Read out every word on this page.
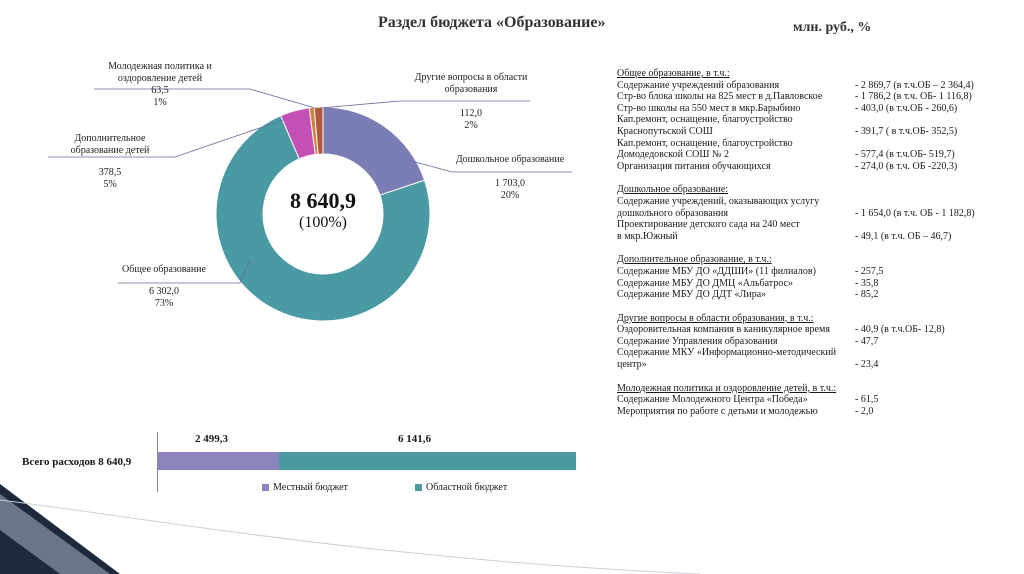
Раздел бюджета «Образование»	млн. руб., %
8 640,9
(100%)
Молодежная политика и оздоровление детей
63,5
1%
Другие вопросы в области образования
112,0
2%
Дошкольное образование
1 703,0
20%
Дополнительное образование детей
378,5
5%
Общее образование
6 302,0
73%
Всего расходов 8 640,9
2 499,3	6 141,6
Местный бюджет	Областной бюджет
Общее образование, в т.ч.:
Содержание учреждений образования	- 2 869,7 (в т.ч.ОБ – 2 364,4)
Стр-во блока школы на 825 мест в д.Павловское	- 1 786,2 (в т.ч. ОБ- 1 116,8)
Стр-во школы на 550 мест в мкр.Барыбино	- 403,0 (в т.ч.ОБ - 260,6)
Кап.ремонт, оснащение, благоустройство
Краснопутьской СОШ	- 391,7 ( в т.ч.ОБ- 352,5)
Кап.ремонт, оснащение, благоустройство
Домодедовской СОШ № 2	- 577,4 (в т.ч.ОБ- 519,7)
Организация питания обучающихся	- 274,0 (в т.ч. ОБ -220,3)
Дошкольное образование:
Содержание учреждений, оказывающих услугу
дошкольного образования	- 1 654,0 (в т.ч. ОБ - 1 182,8)
Проектирование детского сада на 240 мест
в мкр.Южный	- 49,1 (в т.ч. ОБ – 46,7)
Дополнительное образование, в т.ч.:
Содержание МБУ ДО «ДДШИ» (11 филиалов)	- 257,5
Содержание МБУ ДО ДМЦ «Альбатрос»	- 35,8
Содержание МБУ ДО ДДТ «Лира»	- 85,2
Другие вопросы в области образования, в т.ч.:
Оздоровительная компания в каникулярное время	- 40,9 (в т.ч.ОБ- 12,8)
Содержание Управления образования	- 47,7
Содержание МКУ «Информационно-методический
центр»	- 23,4
Молодежная политика и оздоровление детей, в т.ч.:
Содержание Молодежного Центра «Победа»	- 61,5
Мероприятия по работе с детьми и молодежью	- 2,0
